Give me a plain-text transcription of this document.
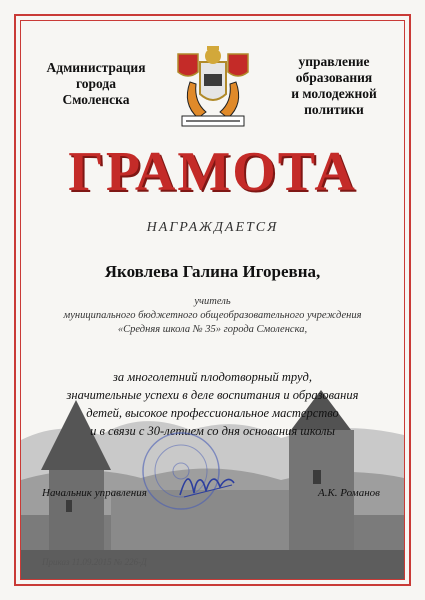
Администрация
города
Смоленска
управление
образования
и молодежной
политики
ГРАМОТА
НАГРАЖДАЕТСЯ
Яковлева Галина Игоревна,
учитель
муниципального бюджетного общеобразовательного учреждения
«Средняя школа № 35» города Смоленска,
за многолетний плодотворный труд,
значительные успехи в деле воспитания и образования
детей, высокое профессиональное мастерство
и в связи с 30-летием со дня основания школы
Начальник управления	А.К. Романов
Приказ 11.09.2015 № 226-Д
